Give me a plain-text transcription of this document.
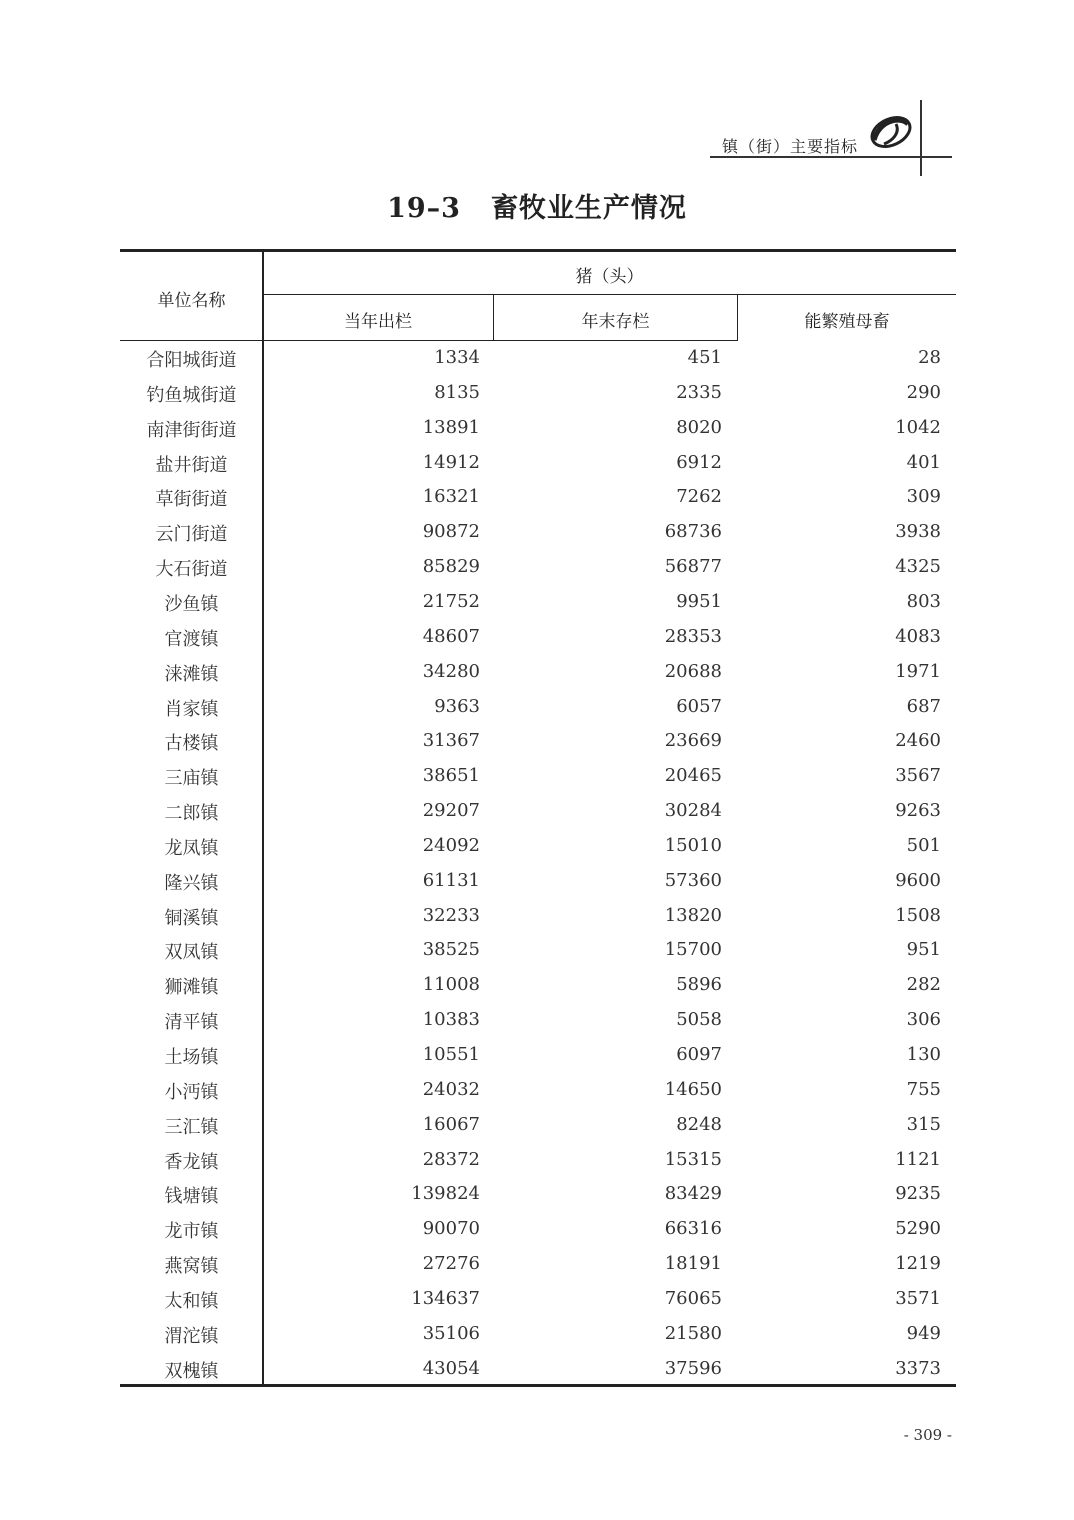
镇（街）主要指标
19–3 畜牧业生产情况
单位名称
猪（头）
当年出栏	年末存栏	能繁殖母畜
合阳城街道	1334	451	28
钓鱼城街道	8135	2335	290
南津街街道	13891	8020	1042
盐井街道	14912	6912	401
草街街道	16321	7262	309
云门街道	90872	68736	3938
大石街道	85829	56877	4325
沙鱼镇	21752	9951	803
官渡镇	48607	28353	4083
涞滩镇	34280	20688	1971
肖家镇	9363	6057	687
古楼镇	31367	23669	2460
三庙镇	38651	20465	3567
二郎镇	29207	30284	9263
龙凤镇	24092	15010	501
隆兴镇	61131	57360	9600
铜溪镇	32233	13820	1508
双凤镇	38525	15700	951
狮滩镇	11008	5896	282
清平镇	10383	5058	306
土场镇	10551	6097	130
小沔镇	24032	14650	755
三汇镇	16067	8248	315
香龙镇	28372	15315	1121
钱塘镇	139824	83429	9235
龙市镇	90070	66316	5290
燕窝镇	27276	18191	1219
太和镇	134637	76065	3571
渭沱镇	35106	21580	949
双槐镇	43054	37596	3373
- 309 -
